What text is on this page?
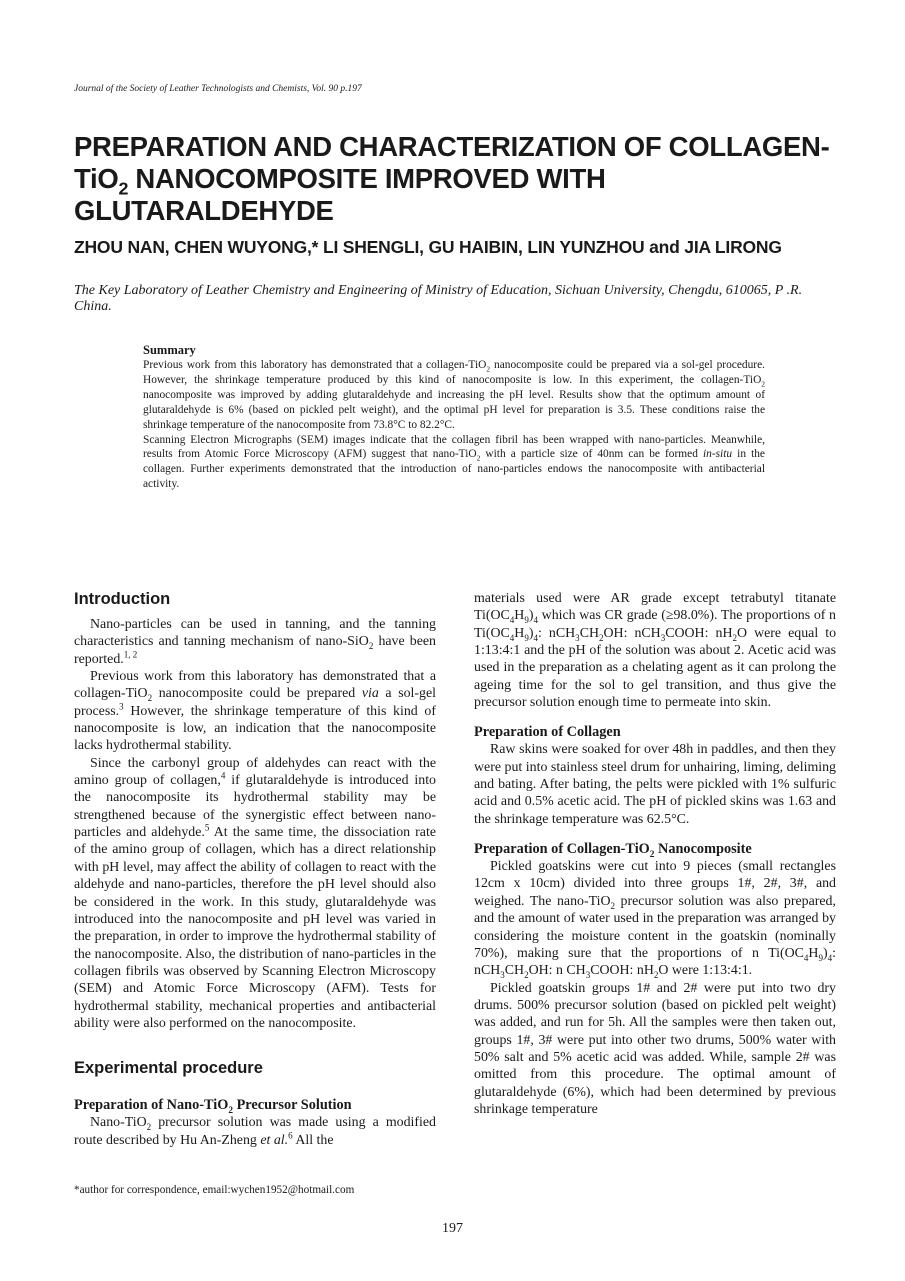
Journal of the Society of Leather Technologists and Chemists, Vol. 90 p.197
PREPARATION AND CHARACTERIZATION OF COLLAGEN-TiO$_2$ NANOCOMPOSITE IMPROVED WITH GLUTARALDEHYDE
ZHOU NAN, CHEN WUYONG,* LI SHENGLI, GU HAIBIN, LIN YUNZHOU and JIA LIRONG
The Key Laboratory of Leather Chemistry and Engineering of Ministry of Education, Sichuan University, Chengdu, 610065, P .R. China.
Summary

Previous work from this laboratory has demonstrated that a collagen-TiO$_2$ nanocomposite could be prepared via a sol-gel procedure. However, the shrinkage temperature produced by this kind of nanocomposite is low. In this experiment, the collagen-TiO$_2$ nanocomposite was improved by adding glutaraldehyde and increasing the pH level. Results show that the optimum amount of glutaraldehyde is 6% (based on pickled pelt weight), and the optimal pH level for preparation is 3.5. These conditions raise the shrinkage temperature of the nanocomposite from 73.8°C to 82.2°C.

Scanning Electron Micrographs (SEM) images indicate that the collagen fibril has been wrapped with nano-particles. Meanwhile, results from Atomic Force Microscopy (AFM) suggest that nano-TiO$_2$ with a particle size of 40nm can be formed in-situ in the collagen. Further experiments demonstrated that the introduction of nano-particles endows the nanocomposite with antibacterial activity.

Introduction

Nano-particles can be used in tanning, and the tanning characteristics and tanning mechanism of nano-SiO$_2$ have been reported.$^{1, 2}$

Previous work from this laboratory has demonstrated that a collagen-TiO$_2$ nanocomposite could be prepared via a sol-gel process.$^3$ However, the shrinkage temperature of this kind of nanocomposite is low, an indication that the nanocomposite lacks hydrothermal stability.

Since the carbonyl group of aldehydes can react with the amino group of collagen,$^4$ if glutaraldehyde is introduced into the nanocomposite its hydrothermal stability may be strengthened because of the synergistic effect between nano-particles and aldehyde.$^5$ At the same time, the dissociation rate of the amino group of collagen, which has a direct relationship with pH level, may affect the ability of collagen to react with the aldehyde and nano-particles, therefore the pH level should also be considered in the work. In this study, glutaraldehyde was introduced into the nanocomposite and pH level was varied in the preparation, in order to improve the hydrothermal stability of the nanocomposite. Also, the distribution of nano-particles in the collagen fibrils was observed by Scanning Electron Microscopy (SEM) and Atomic Force Microscopy (AFM). Tests for hydrothermal stability, mechanical properties and antibacterial ability were also performed on the nanocomposite.

Experimental procedure
Preparation of Nano-TiO$_2$ Precursor Solution

Nano-TiO$_2$ precursor solution was made using a modified route described by Hu An-Zheng et al.$^6$ All the

materials used were AR grade except tetrabutyl titanate $Ti(OC_4H_9)_4$ which was CR grade (≥98.0%). The proportions of n $Ti(OC_4H_9)_4$: $nCH_3CH_2OH$: nCH$_3$COOH: $nH_2O$ were equal to 1:13:4:1 and the pH of the solution was about 2. Acetic acid was used in the preparation as a chelating agent as it can prolong the ageing time for the sol to gel transition, and thus give the precursor solution enough time to permeate into skin.

Preparation of Collagen

Raw skins were soaked for over 48h in paddles, and then they were put into stainless steel drum for unhairing, liming, deliming and bating. After bating, the pelts were pickled with 1% sulfuric acid and 0.5% acetic acid. The pH of pickled skins was 1.63 and the shrinkage temperature was 62.5°C.

Preparation of Collagen-TiO$_2$ Nanocomposite

Pickled goatskins were cut into 9 pieces (small rectangles 12cm x 10cm) divided into three groups 1#, 2#, 3#, and weighed. The nano-TiO$_2$ precursor solution was also prepared, and the amount of water used in the preparation was arranged by considering the moisture content in the goatskin (nominally 70%), making sure that the proportions of n $Ti(OC_4H_9)_4$: $nCH_3CH_2OH$: n $CH_3COOH$: $nH_2O$ were 1:13:4:1.

Pickled goatskin groups 1# and 2# were put into two dry drums. 500% precursor solution (based on pickled pelt weight) was added, and run for 5h. All the samples were then taken out, groups 1#, 3# were put into other two drums, 500% water with 50% salt and 5% acetic acid was added. While, sample 2# was omitted from this procedure. The optimal amount of glutaraldehyde (6%), which had been determined by previous shrinkage temperature

*author for correspondence, email:wychen1952@hotmail.com
197
